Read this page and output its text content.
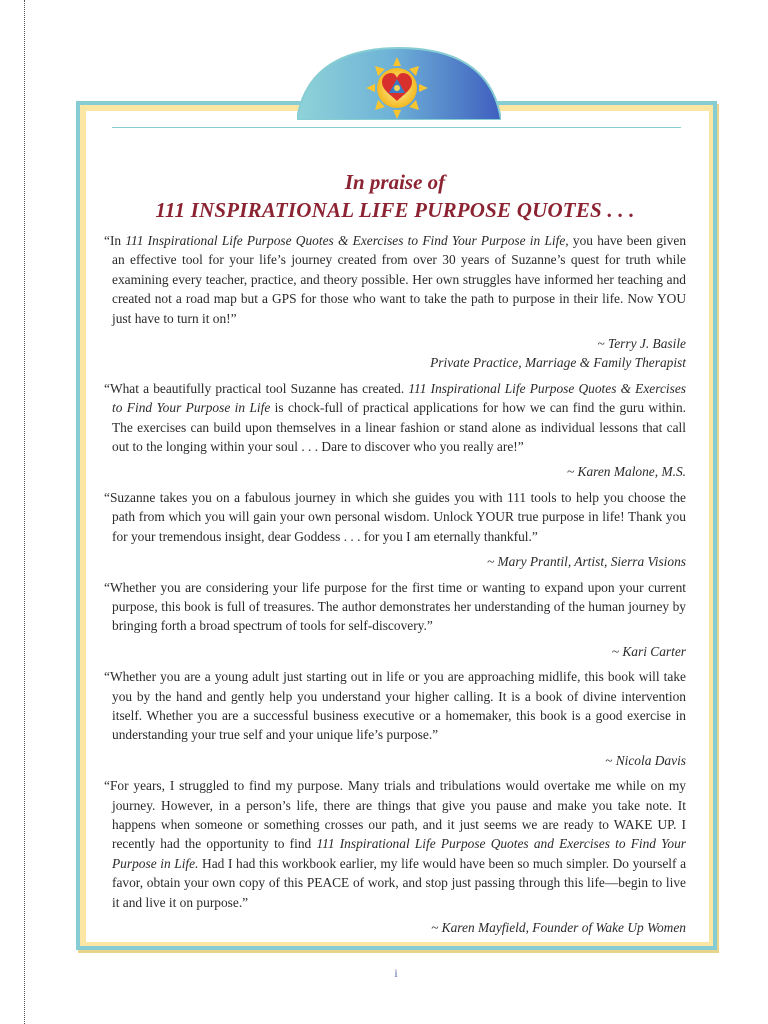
In praise of
111 INSPIRATIONAL LIFE PURPOSE QUOTES . . .

“In 111 Inspirational Life Purpose Quotes & Exercises to Find Your Purpose in Life, you have been given an effective tool for your life’s journey created from over 30 years of Suzanne’s quest for truth while examining every teacher, practice, and theory possible. Her own struggles have informed her teaching and created not a road map but a GPS for those who want to take the path to purpose in their life. Now YOU just have to turn it on!”

~ Terry J. Basile
Private Practice, Marriage & Family Therapist

“What a beautifully practical tool Suzanne has created. 111 Inspirational Life Purpose Quotes & Exercises to Find Your Purpose in Life is chock-full of practical applications for how we can find the guru within. The exercises can build upon themselves in a linear fashion or stand alone as individual lessons that call out to the longing within your soul . . . Dare to discover who you really are!”

~ Karen Malone, M.S.

“Suzanne takes you on a fabulous journey in which she guides you with 111 tools to help you choose the path from which you will gain your own personal wisdom. Unlock YOUR true purpose in life! Thank you for your tremendous insight, dear Goddess . . . for you I am eternally thankful.”

~ Mary Prantil, Artist, Sierra Visions

“Whether you are considering your life purpose for the first time or wanting to expand upon your current purpose, this book is full of treasures. The author demonstrates her understanding of the human journey by bringing forth a broad spectrum of tools for self-discovery.”

~ Kari Carter

“Whether you are a young adult just starting out in life or you are approaching midlife, this book will take you by the hand and gently help you understand your higher calling. It is a book of divine intervention itself. Whether you are a successful business executive or a homemaker, this book is a good exercise in understanding your true self and your unique life’s purpose.”

~ Nicola Davis

“For years, I struggled to find my purpose. Many trials and tribulations would overtake me while on my journey. However, in a person’s life, there are things that give you pause and make you take note. It happens when someone or something crosses our path, and it just seems we are ready to WAKE UP. I recently had the opportunity to find 111 Inspirational Life Purpose Quotes and Exercises to Find Your Purpose in Life. Had I had this workbook earlier, my life would have been so much simpler. Do yourself a favor, obtain your own copy of this PEACE of work, and stop just passing through this life—begin to live it and live it on purpose.”

~ Karen Mayfield, Founder of Wake Up Women
i
